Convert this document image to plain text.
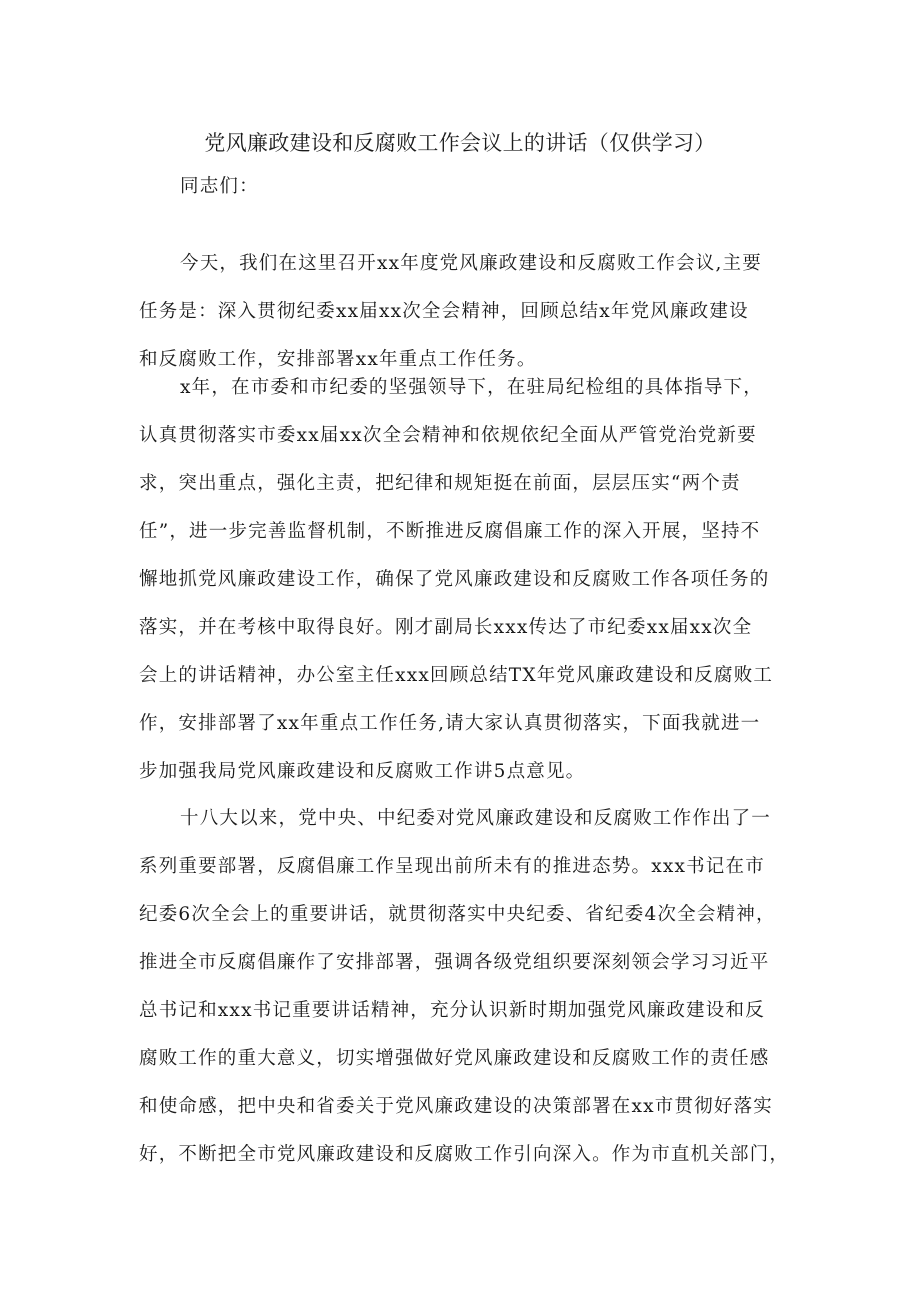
党风廉政建设和反腐败工作会议上的讲话（仅供学习）
同志们：
今天，我们在这里召开xx年度党风廉政建设和反腐败工作会议,主要
任务是：深入贯彻纪委xx届xx次全会精神，回顾总结x年党风廉政建设
和反腐败工作，安排部署xx年重点工作任务。
x年，在市委和市纪委的坚强领导下，在驻局纪检组的具体指导下，
认真贯彻落实市委xx届xx次全会精神和依规依纪全面从严管党治党新要
求，突出重点，强化主责，把纪律和规矩挺在前面，层层压实“两个责
任”，进一步完善监督机制，不断推进反腐倡廉工作的深入开展，坚持不
懈地抓党风廉政建设工作，确保了党风廉政建设和反腐败工作各项任务的
落实，并在考核中取得良好。刚才副局长xxx传达了市纪委xx届xx次全
会上的讲话精神，办公室主任xxx回顾总结TX年党风廉政建设和反腐败工
作，安排部署了xx年重点工作任务,请大家认真贯彻落实，下面我就进一
步加强我局党风廉政建设和反腐败工作讲5点意见。
十八大以来，党中央、中纪委对党风廉政建设和反腐败工作作出了一
系列重要部署，反腐倡廉工作呈现出前所未有的推进态势。xxx书记在市
纪委6次全会上的重要讲话，就贯彻落实中央纪委、省纪委4次全会精神，
推进全市反腐倡廉作了安排部署，强调各级党组织要深刻领会学习习近平
总书记和xxx书记重要讲话精神，充分认识新时期加强党风廉政建设和反
腐败工作的重大意义，切实增强做好党风廉政建设和反腐败工作的责任感
和使命感，把中央和省委关于党风廉政建设的决策部署在xx市贯彻好落实
好，不断把全市党风廉政建设和反腐败工作引向深入。作为市直机关部门，
